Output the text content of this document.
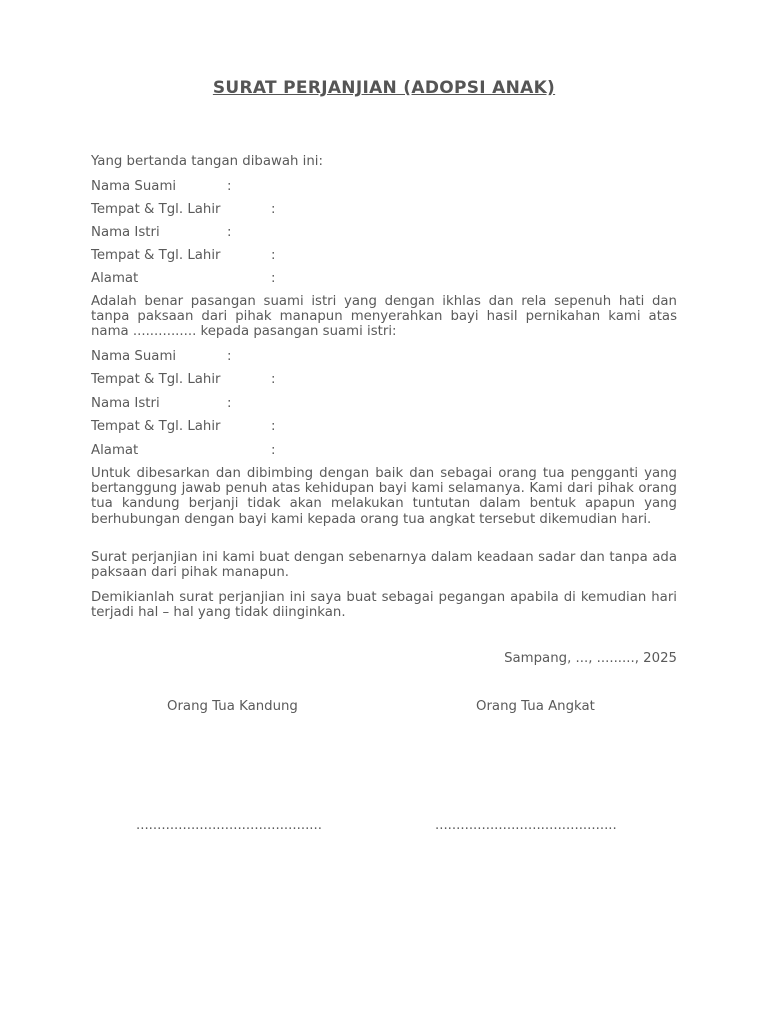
SURAT PERJANJIAN (ADOPSI ANAK)
Yang bertanda tangan dibawah ini:
Nama Suami	:
Tempat & Tgl. Lahir	:
Nama Istri	:
Tempat & Tgl. Lahir	:
Alamat	:
Adalah benar pasangan suami istri yang dengan ikhlas dan rela sepenuh hati dan tanpa paksaan dari pihak manapun menyerahkan bayi hasil pernikahan kami atas nama ............... kepada pasangan suami istri:
Nama Suami	:
Tempat & Tgl. Lahir	:
Nama Istri	:
Tempat & Tgl. Lahir	:
Alamat	:
Untuk dibesarkan dan dibimbing dengan baik dan sebagai orang tua pengganti yang bertanggung jawab penuh atas kehidupan bayi kami selamanya. Kami dari pihak orang tua kandung berjanji tidak akan melakukan tuntutan dalam bentuk apapun yang berhubungan dengan bayi kami kepada orang tua angkat tersebut dikemudian hari.
Surat perjanjian ini kami buat dengan sebenarnya dalam keadaan sadar dan tanpa ada paksaan dari pihak manapun.
Demikianlah surat perjanjian ini saya buat sebagai pegangan apabila di kemudian hari terjadi hal – hal yang tidak diinginkan.
Sampang, ..., ........., 2025
Orang Tua Kandung	Orang Tua Angkat
............................................	...........................................
